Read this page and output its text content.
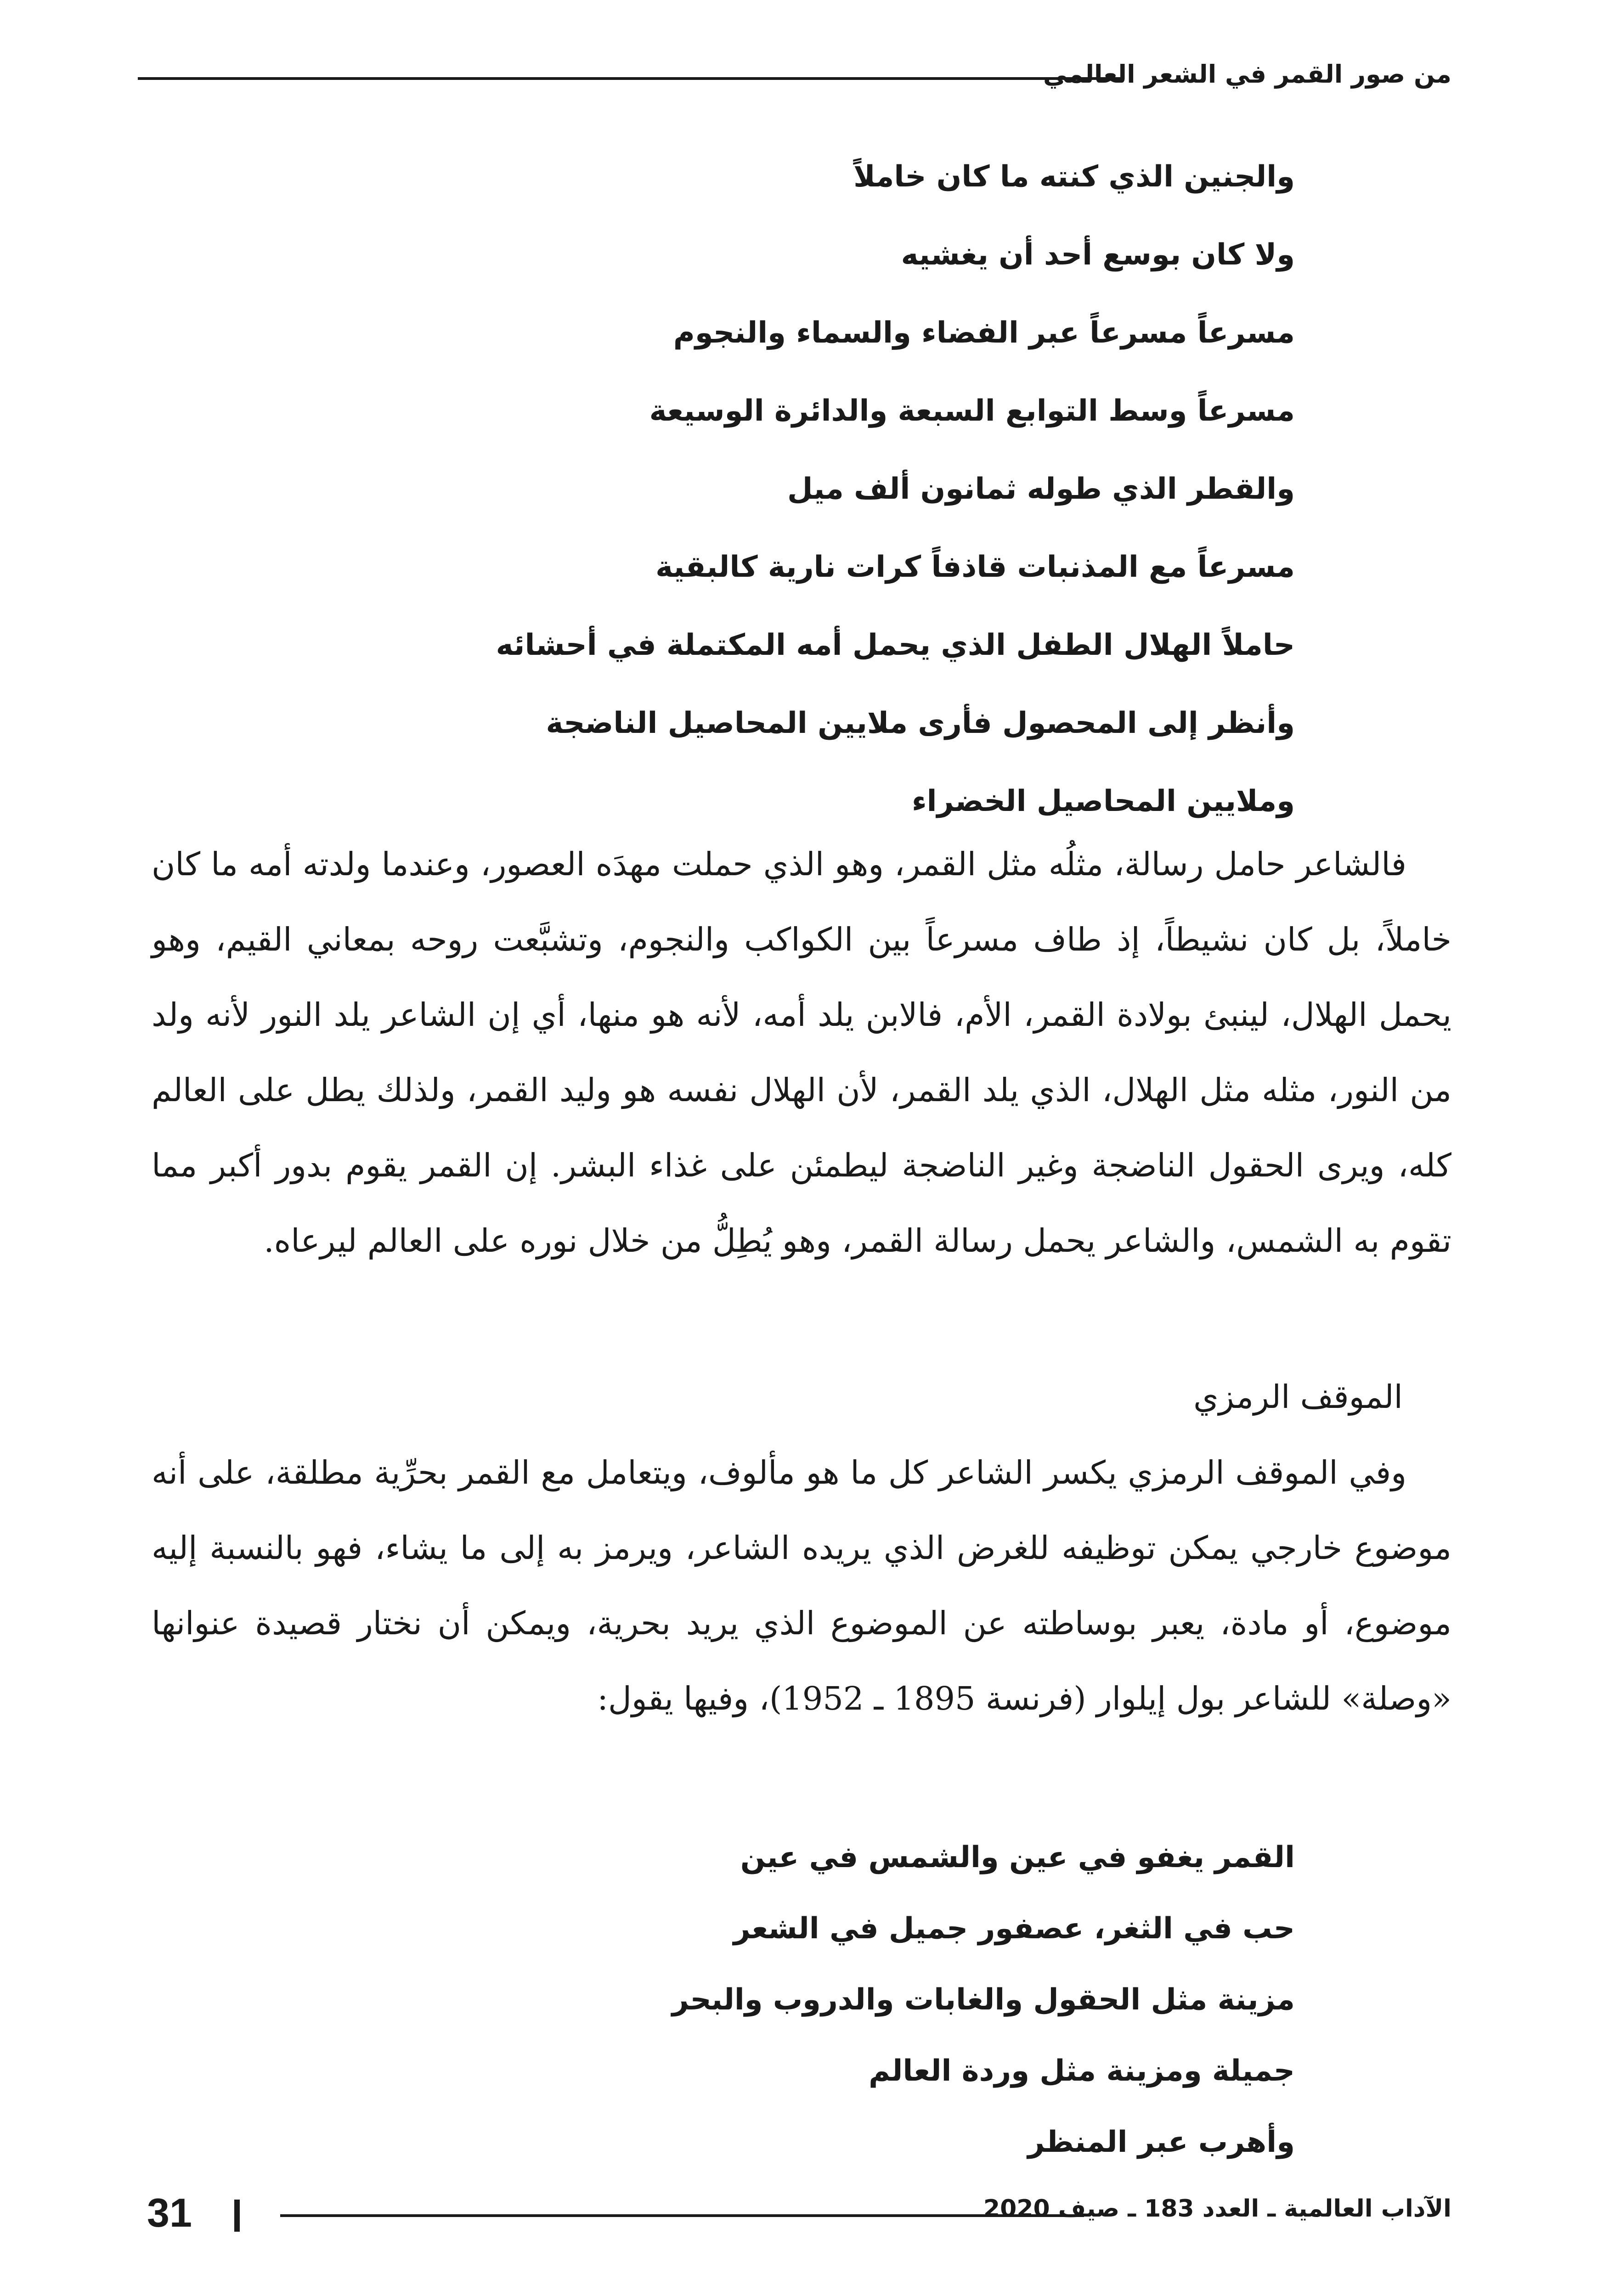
من صور القمر في الشعر العالمي
والجنين الذي كنته ما كان خاملاً
ولا كان بوسع أحد أن يغشيه
مسرعاً مسرعاً عبر الفضاء والسماء والنجوم
مسرعاً وسط التوابع السبعة والدائرة الوسيعة
والقطر الذي طوله ثمانون ألف ميل
مسرعاً مع المذنبات قاذفاً كرات نارية كالبقية
حاملاً الهلال الطفل الذي يحمل أمه المكتملة في أحشائه
وأنظر إلى المحصول فأرى ملايين المحاصيل الناضجة
وملايين المحاصيل الخضراء

فالشاعر حامل رسالة، مثلُه مثل القمر، وهو الذي حملت مهدَه العصور، وعندما ولدته أمه ما كان خاملاً، بل كان نشيطاً، إذ طاف مسرعاً بين الكواكب والنجوم، وتشبَّعت روحه بمعاني القيم، وهو يحمل الهلال، لينبئ بولادة القمر، الأم، فالابن يلد أمه، لأنه هو منها، أي إن الشاعر يلد النور لأنه ولد من النور، مثله مثل الهلال، الذي يلد القمر، لأن الهلال نفسه هو وليد القمر، ولذلك يطل على العالم كله، ويرى الحقول الناضجة وغير الناضجة ليطمئن على غذاء البشر. إن القمر يقوم بدور أكبر مما تقوم به الشمس، والشاعر يحمل رسالة القمر، وهو يُطِلُّ من خلال نوره على العالم ليرعاه.

الموقف الرمزي

وفي الموقف الرمزي يكسر الشاعر كل ما هو مألوف، ويتعامل مع القمر بحرِّية مطلقة، على أنه موضوع خارجي يمكن توظيفه للغرض الذي يريده الشاعر، ويرمز به إلى ما يشاء، فهو بالنسبة إليه موضوع، أو مادة، يعبر بوساطته عن الموضوع الذي يريد بحرية، ويمكن أن نختار قصيدة عنوانها «وصلة» للشاعر بول إيلوار (فرنسة 1895 ـ 1952)، وفيها يقول:

القمر يغفو في عين والشمس في عين
حب في الثغر، عصفور جميل في الشعر
مزينة مثل الحقول والغابات والدروب والبحر
جميلة ومزينة مثل وردة العالم
وأهرب عبر المنظر
31	الآداب العالمية ـ العدد 183 ـ صيف 2020
